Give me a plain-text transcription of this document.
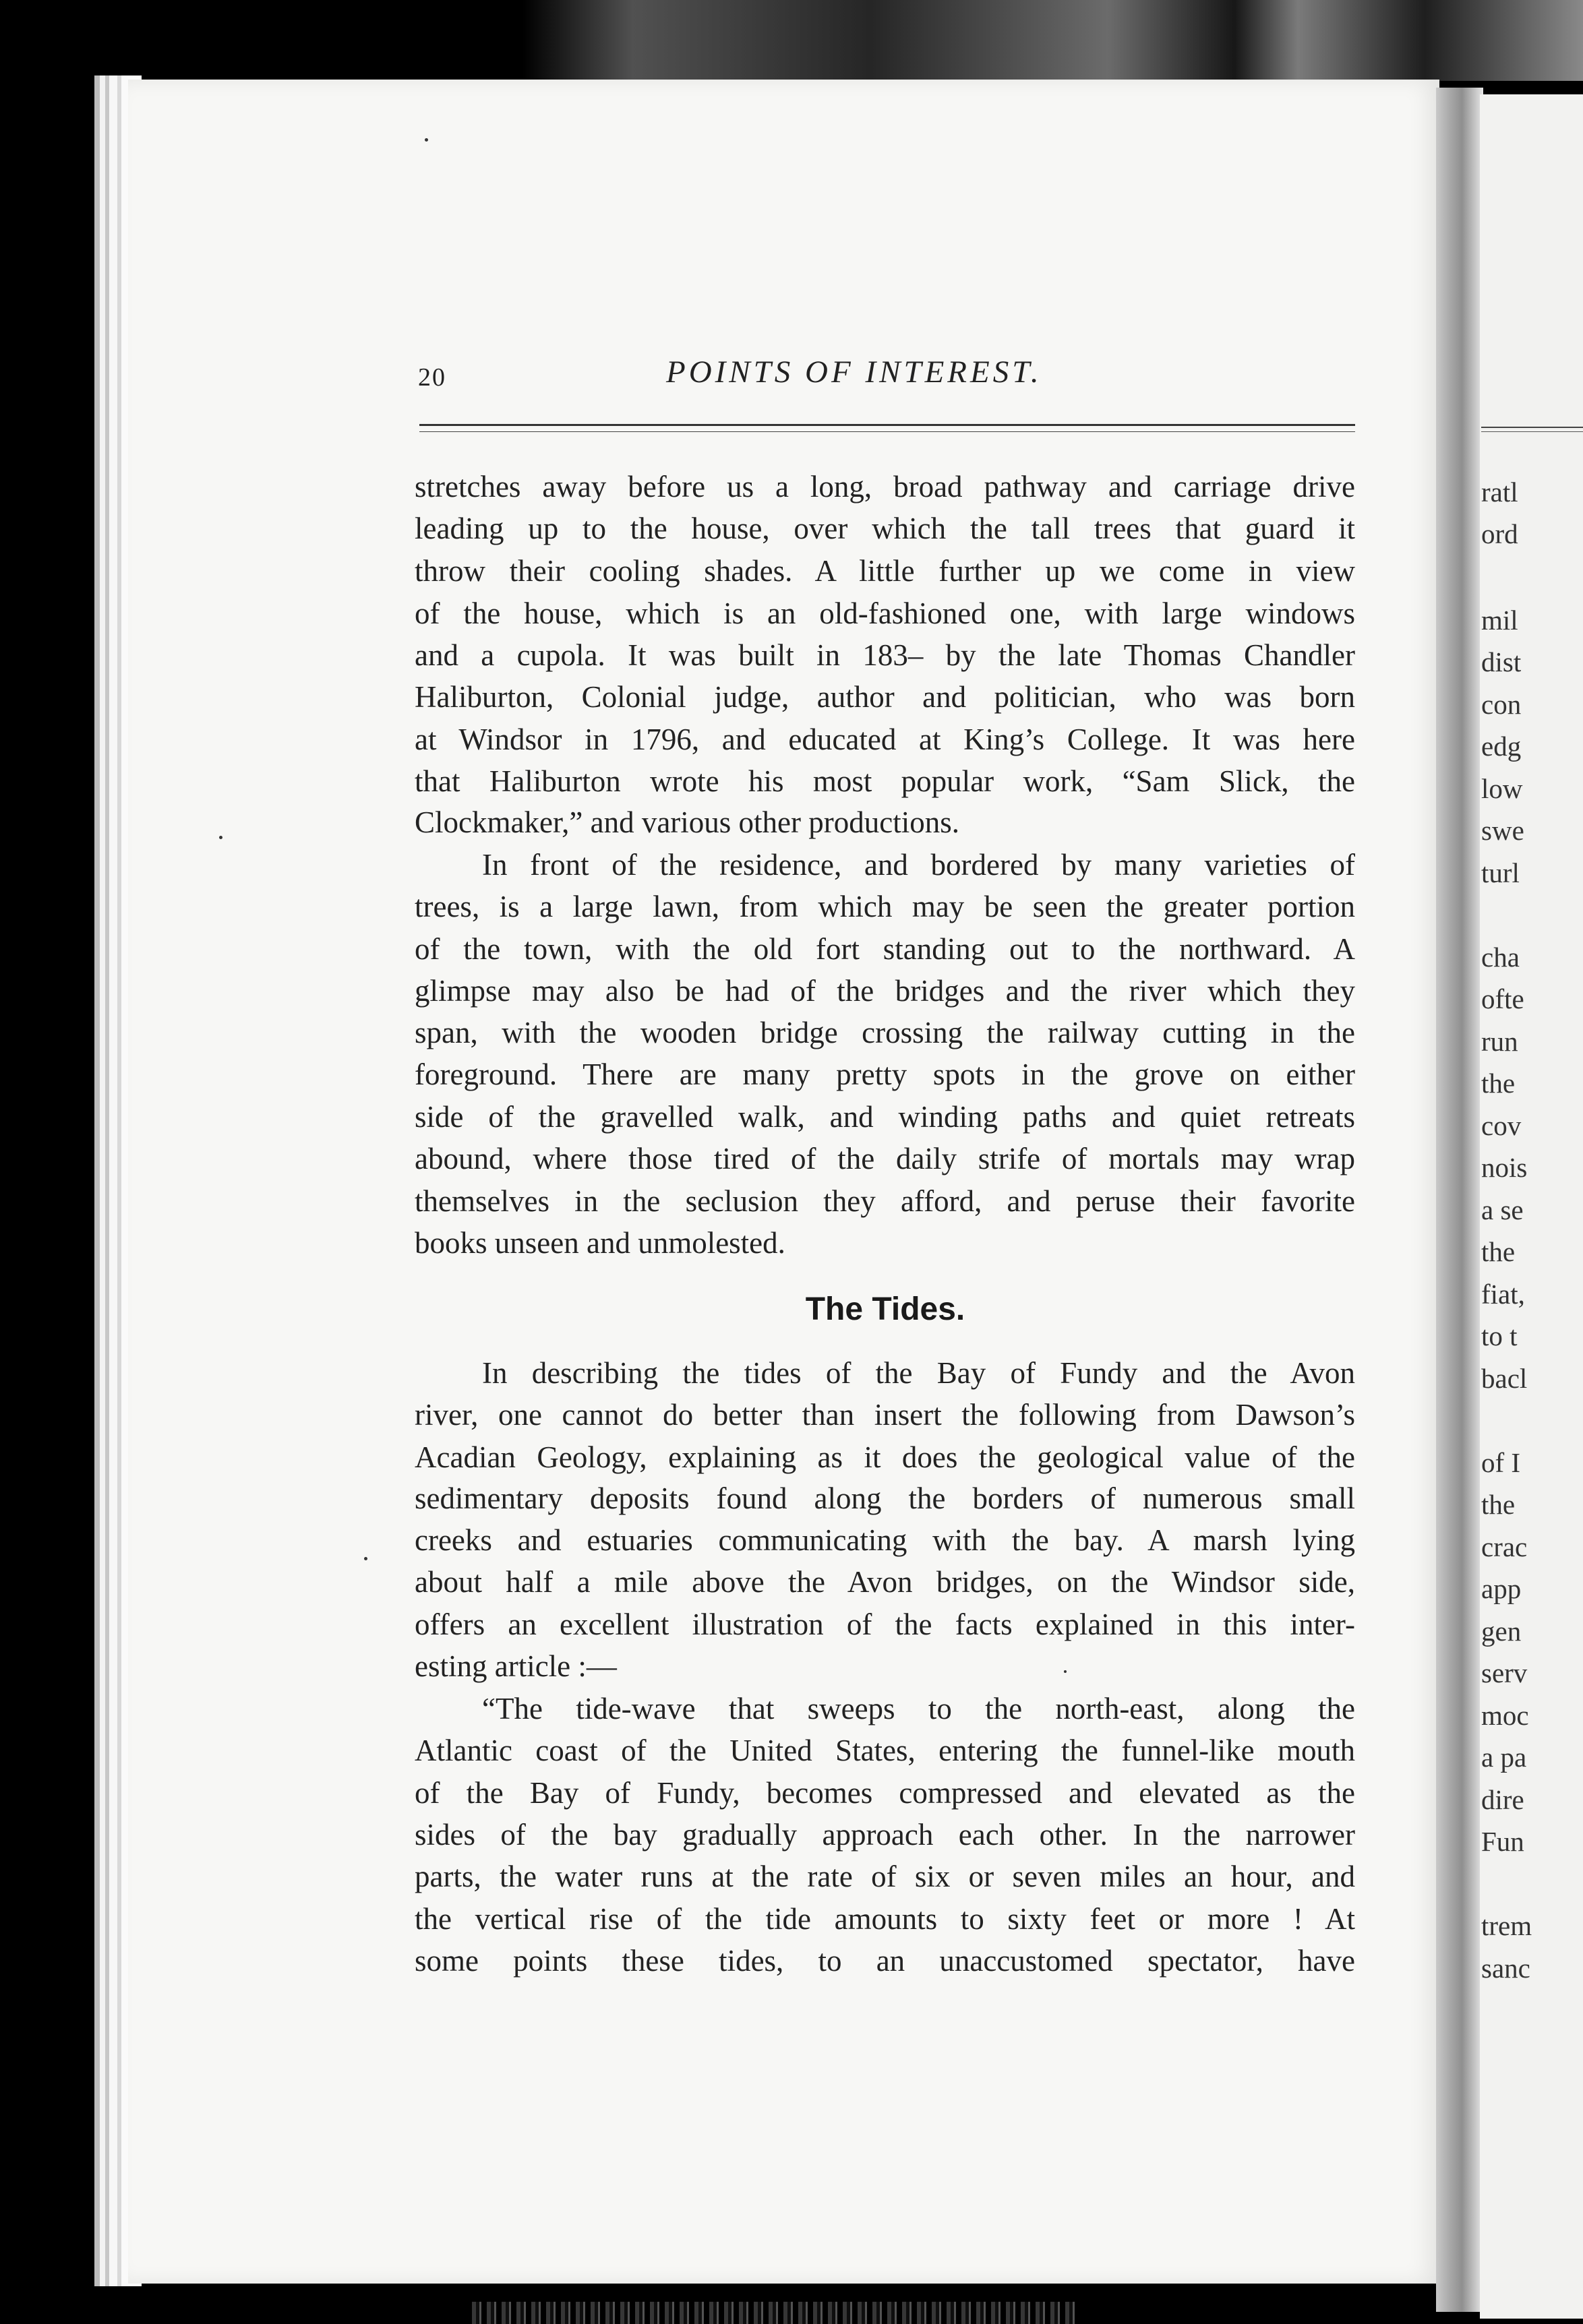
ratl
ord
mil
dist
con
edg
low
swe
turl
cha
ofte
run
the
cov
nois
a se
the
fiat,
to t
bacl
of I
the
crac
app
gen
serv
moc
a pa
dire
Fun
trem
sanc
20	POINTS OF INTEREST.
stretches away before us a long, broad pathway and carriage drive
leading up to the house, over which the tall trees that guard it
throw their cooling shades. A little further up we come in view
of the house, which is an old-fashioned one, with large windows
and a cupola. It was built in 183– by the late Thomas Chandler
Haliburton, Colonial judge, author and politician, who was born
at Windsor in 1796, and educated at King’s College. It was here
that Haliburton wrote his most popular work, “Sam Slick, the
Clockmaker,” and various other productions.
In front of the residence, and bordered by many varieties of
trees, is a large lawn, from which may be seen the greater portion
of the town, with the old fort standing out to the northward. A
glimpse may also be had of the bridges and the river which they
span, with the wooden bridge crossing the railway cutting in the
foreground. There are many pretty spots in the grove on either
side of the gravelled walk, and winding paths and quiet retreats
abound, where those tired of the daily strife of mortals may wrap
themselves in the seclusion they afford, and peruse their favorite
books unseen and unmolested.
In describing the tides of the Bay of Fundy and the Avon
river, one cannot do better than insert the following from Dawson’s
Acadian Geology, explaining as it does the geological value of the
sedimentary deposits found along the borders of numerous small
creeks and estuaries communicating with the bay. A marsh lying
about half a mile above the Avon bridges, on the Windsor side,
offers an excellent illustration of the facts explained in this inter-
esting article :—
“The tide-wave that sweeps to the north-east, along the
Atlantic coast of the United States, entering the funnel-like mouth
of the Bay of Fundy, becomes compressed and elevated as the
sides of the bay gradually approach each other. In the narrower
parts, the water runs at the rate of six or seven miles an hour, and
the vertical rise of the tide amounts to sixty feet or more ! At
some points these tides, to an unaccustomed spectator, have
The Tides.
